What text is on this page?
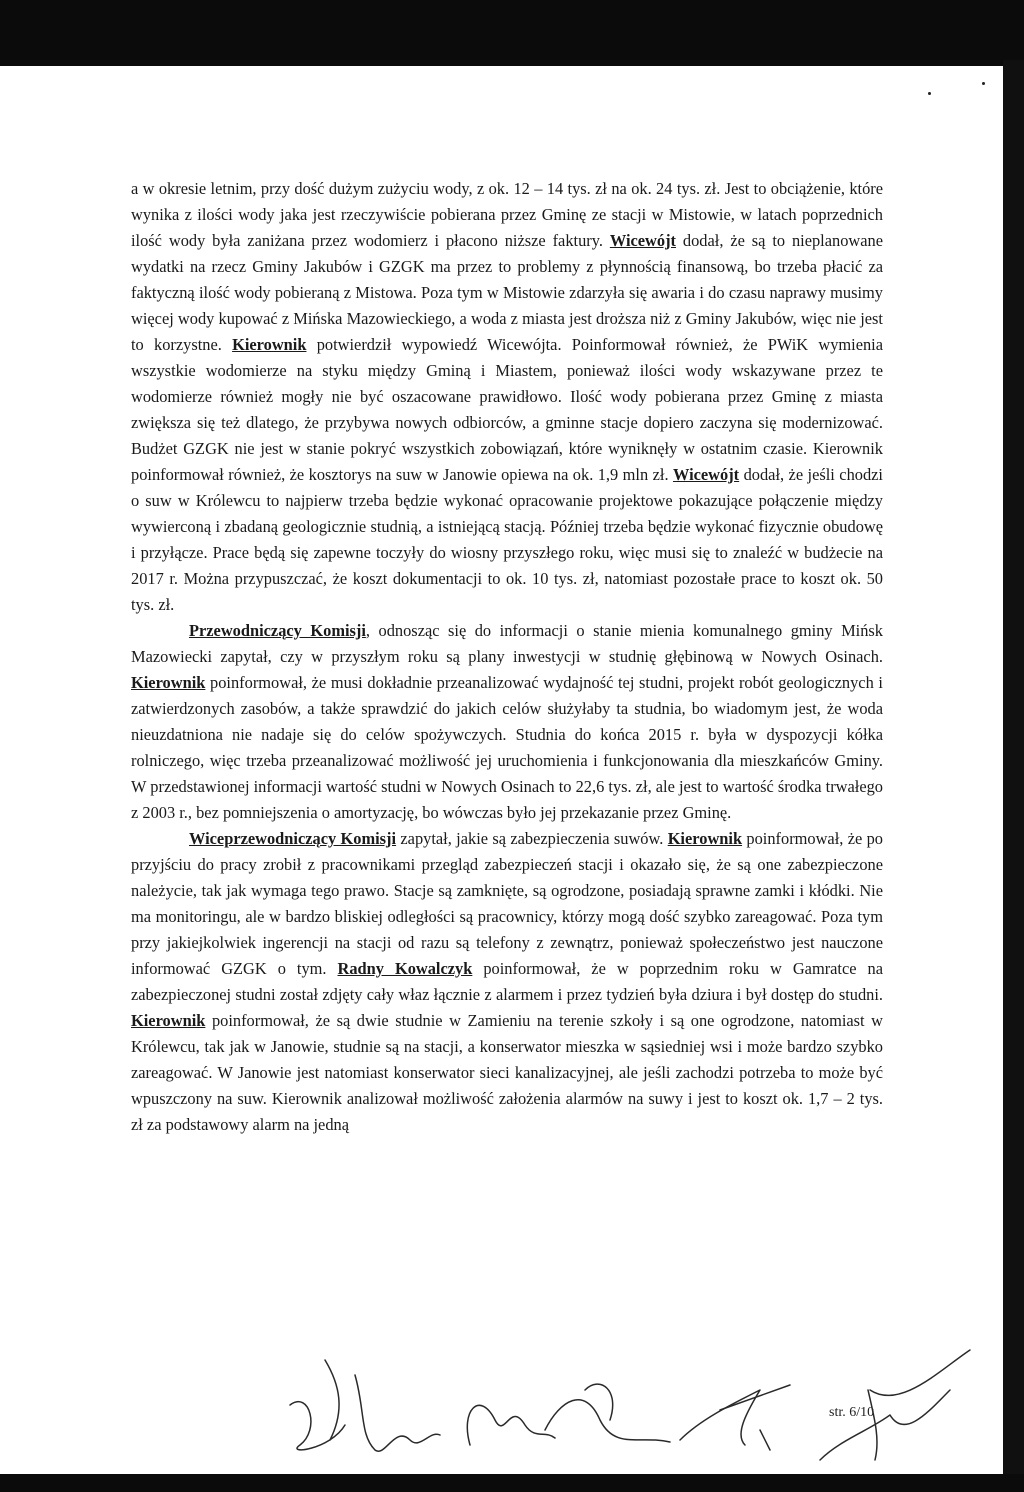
a w okresie letnim, przy dość dużym zużyciu wody, z ok. 12 – 14 tys. zł na ok. 24 tys. zł. Jest to obciążenie, które wynika z ilości wody jaka jest rzeczywiście pobierana przez Gminę ze stacji w Mistowie, w latach poprzednich ilość wody była zaniżana przez wodomierz i płacono niższe faktury. Wicewójt dodał, że są to nieplanowane wydatki na rzecz Gminy Jakubów i GZGK ma przez to problemy z płynnością finansową, bo trzeba płacić za faktyczną ilość wody pobieraną z Mistowa. Poza tym w Mistowie zdarzyła się awaria i do czasu naprawy musimy więcej wody kupować z Mińska Mazowieckiego, a woda z miasta jest droższa niż z Gminy Jakubów, więc nie jest to korzystne. Kierownik potwierdził wypowiedź Wicewójta. Poinformował również, że PWiK wymienia wszystkie wodomierze na styku między Gminą i Miastem, ponieważ ilości wody wskazywane przez te wodomierze również mogły nie być oszacowane prawidłowo. Ilość wody pobierana przez Gminę z miasta zwiększa się też dlatego, że przybywa nowych odbiorców, a gminne stacje dopiero zaczyna się modernizować. Budżet GZGK nie jest w stanie pokryć wszystkich zobowiązań, które wyniknęły w ostatnim czasie. Kierownik poinformował również, że kosztorys na suw w Janowie opiewa na ok. 1,9 mln zł. Wicewójt dodał, że jeśli chodzi o suw w Królewcu to najpierw trzeba będzie wykonać opracowanie projektowe pokazujące połączenie między wywierconą i zbadaną geologicznie studnią, a istniejącą stacją. Później trzeba będzie wykonać fizycznie obudowę i przyłącze. Prace będą się zapewne toczyły do wiosny przyszłego roku, więc musi się to znaleźć w budżecie na 2017 r. Można przypuszczać, że koszt dokumentacji to ok. 10 tys. zł, natomiast pozostałe prace to koszt ok. 50 tys. zł.

Przewodniczący Komisji, odnosząc się do informacji o stanie mienia komunalnego gminy Mińsk Mazowiecki zapytał, czy w przyszłym roku są plany inwestycji w studnię głębinową w Nowych Osinach. Kierownik poinformował, że musi dokładnie przeanalizować wydajność tej studni, projekt robót geologicznych i zatwierdzonych zasobów, a także sprawdzić do jakich celów służyłaby ta studnia, bo wiadomym jest, że woda nieuzdatniona nie nadaje się do celów spożywczych. Studnia do końca 2015 r. była w dyspozycji kółka rolniczego, więc trzeba przeanalizować możliwość jej uruchomienia i funkcjonowania dla mieszkańców Gminy. W przedstawionej informacji wartość studni w Nowych Osinach to 22,6 tys. zł, ale jest to wartość środka trwałego z 2003 r., bez pomniejszenia o amortyzację, bo wówczas było jej przekazanie przez Gminę.

Wiceprzewodniczący Komisji zapytał, jakie są zabezpieczenia suwów. Kierownik poinformował, że po przyjściu do pracy zrobił z pracownikami przegląd zabezpieczeń stacji i okazało się, że są one zabezpieczone należycie, tak jak wymaga tego prawo. Stacje są zamknięte, są ogrodzone, posiadają sprawne zamki i kłódki. Nie ma monitoringu, ale w bardzo bliskiej odległości są pracownicy, którzy mogą dość szybko zareagować. Poza tym przy jakiejkolwiek ingerencji na stacji od razu są telefony z zewnątrz, ponieważ społeczeństwo jest nauczone informować GZGK o tym. Radny Kowalczyk poinformował, że w poprzednim roku w Gamratce na zabezpieczonej studni został zdjęty cały właz łącznie z alarmem i przez tydzień była dziura i był dostęp do studni. Kierownik poinformował, że są dwie studnie w Zamieniu na terenie szkoły i są one ogrodzone, natomiast w Królewcu, tak jak w Janowie, studnie są na stacji, a konserwator mieszka w sąsiedniej wsi i może bardzo szybko zareagować. W Janowie jest natomiast konserwator sieci kanalizacyjnej, ale jeśli zachodzi potrzeba to może być wpuszczony na suw. Kierownik analizował możliwość założenia alarmów na suwy i jest to koszt ok. 1,7 – 2 tys. zł za podstawowy alarm na jedną

str. 6/10
